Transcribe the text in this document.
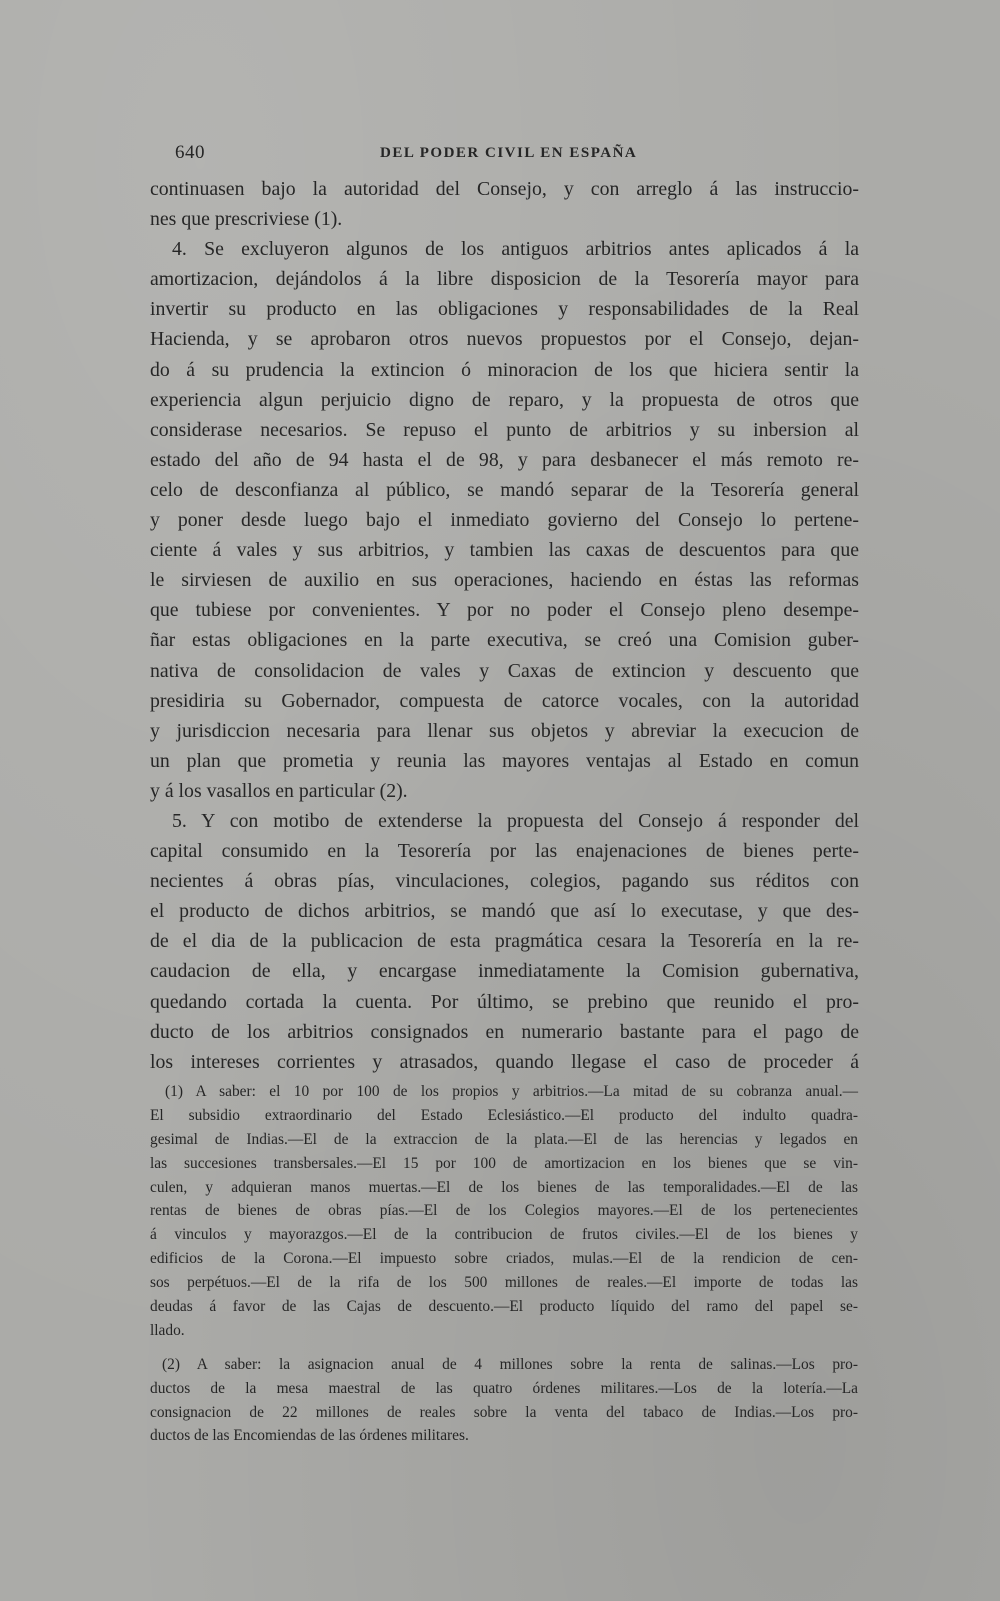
640	DEL PODER CIVIL EN ESPAÑA
continuasen bajo la autoridad del Consejo, y con arreglo á las instruccio-
nes que prescriviese (1).
4. Se excluyeron algunos de los antiguos arbitrios antes aplicados á la
amortizacion, dejándolos á la libre disposicion de la Tesorería mayor para
invertir su producto en las obligaciones y responsabilidades de la Real
Hacienda, y se aprobaron otros nuevos propuestos por el Consejo, dejan-
do á su prudencia la extincion ó minoracion de los que hiciera sentir la
experiencia algun perjuicio digno de reparo, y la propuesta de otros que
considerase necesarios. Se repuso el punto de arbitrios y su inbersion al
estado del año de 94 hasta el de 98, y para desbanecer el más remoto re-
celo de desconfianza al público, se mandó separar de la Tesorería general
y poner desde luego bajo el inmediato govierno del Consejo lo pertene-
ciente á vales y sus arbitrios, y tambien las caxas de descuentos para que
le sirviesen de auxilio en sus operaciones, haciendo en éstas las reformas
que tubiese por convenientes. Y por no poder el Consejo pleno desempe-
ñar estas obligaciones en la parte executiva, se creó una Comision guber-
nativa de consolidacion de vales y Caxas de extincion y descuento que
presidiria su Gobernador, compuesta de catorce vocales, con la autoridad
y jurisdiccion necesaria para llenar sus objetos y abreviar la execucion de
un plan que prometia y reunia las mayores ventajas al Estado en comun
y á los vasallos en particular (2).
5. Y con motibo de extenderse la propuesta del Consejo á responder del
capital consumido en la Tesorería por las enajenaciones de bienes perte-
necientes á obras pías, vinculaciones, colegios, pagando sus réditos con
el producto de dichos arbitrios, se mandó que así lo executase, y que des-
de el dia de la publicacion de esta pragmática cesara la Tesorería en la re-
caudacion de ella, y encargase inmediatamente la Comision gubernativa,
quedando cortada la cuenta. Por último, se prebino que reunido el pro-
ducto de los arbitrios consignados en numerario bastante para el pago de
los intereses corrientes y atrasados, quando llegase el caso de proceder á
(1) A saber: el 10 por 100 de los propios y arbitrios.—La mitad de su cobranza anual.—
El subsidio extraordinario del Estado Eclesiástico.—El producto del indulto quadra-
gesimal de Indias.—El de la extraccion de la plata.—El de las herencias y legados en
las succesiones transbersales.—El 15 por 100 de amortizacion en los bienes que se vin-
culen, y adquieran manos muertas.—El de los bienes de las temporalidades.—El de las
rentas de bienes de obras pías.—El de los Colegios mayores.—El de los pertenecientes
á vinculos y mayorazgos.—El de la contribucion de frutos civiles.—El de los bienes y
edificios de la Corona.—El impuesto sobre criados, mulas.—El de la rendicion de cen-
sos perpétuos.—El de la rifa de los 500 millones de reales.—El importe de todas las
deudas á favor de las Cajas de descuento.—El producto líquido del ramo del papel se-
llado.
(2) A saber: la asignacion anual de 4 millones sobre la renta de salinas.—Los pro-
ductos de la mesa maestral de las quatro órdenes militares.—Los de la lotería.—La
consignacion de 22 millones de reales sobre la venta del tabaco de Indias.—Los pro-
ductos de las Encomiendas de las órdenes militares.
